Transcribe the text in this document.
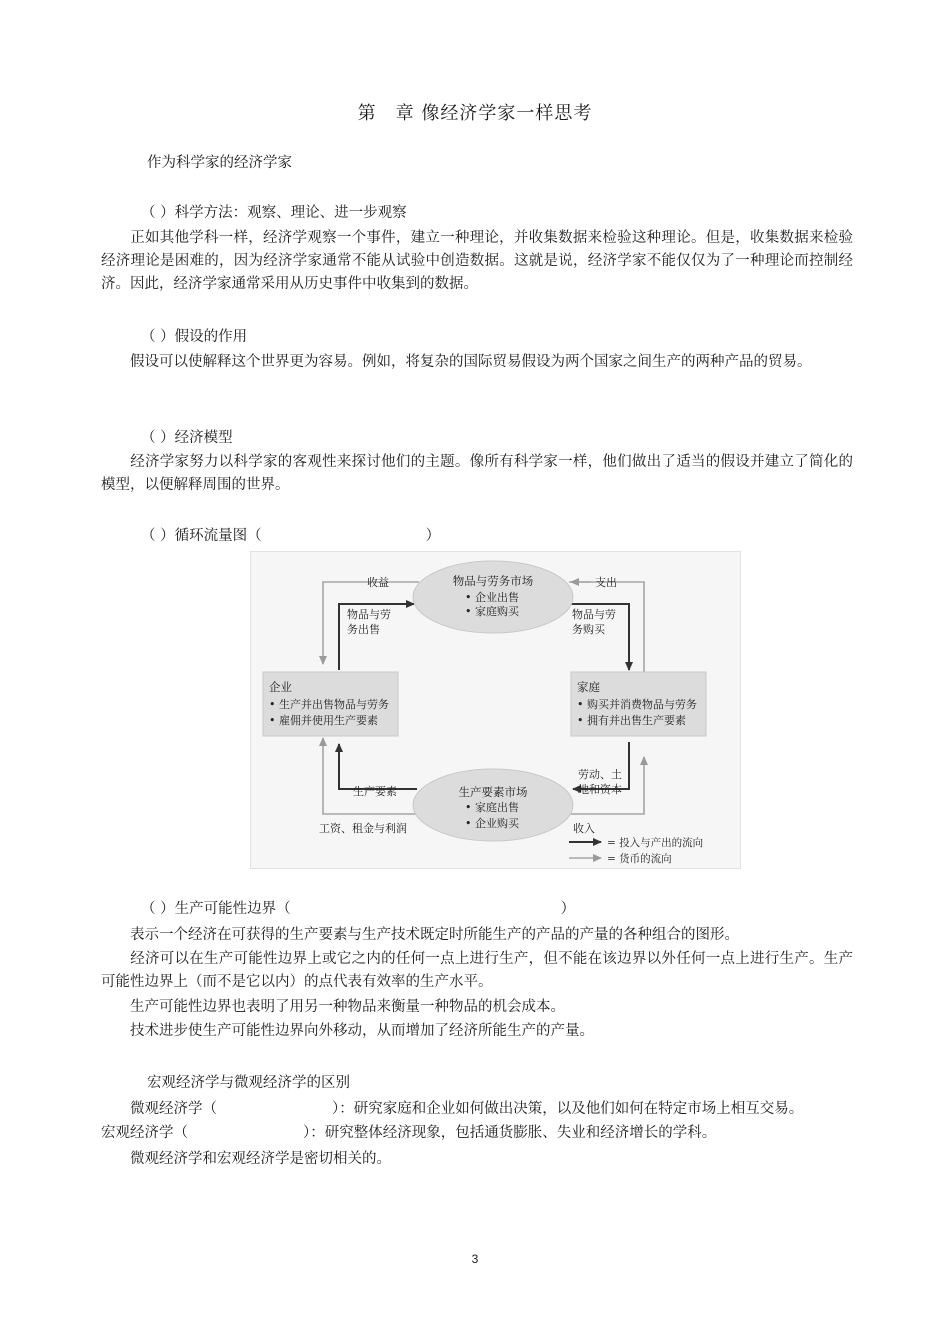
第　章 像经济学家一样思考
作为科学家的经济学家
（ ）科学方法：观察、理论、进一步观察
正如其他学科一样，经济学观察一个事件，建立一种理论，并收集数据来检验这种理论。但是，收集数据来检验经济理论是困难的，因为经济学家通常不能从试验中创造数据。这就是说，经济学家不能仅仅为了一种理论而控制经济。因此，经济学家通常采用从历史事件中收集到的数据。
（ ）假设的作用
假设可以使解释这个世界更为容易。例如，将复杂的国际贸易假设为两个国家之间生产的两种产品的贸易。
（ ）经济模型
经济学家努力以科学家的客观性来探讨他们的主题。像所有科学家一样，他们做出了适当的假设并建立了简化的模型，以便解释周围的世界。
（ ）循环流量图（	）
物品与劳务市场
• 企业出售
• 家庭购买
生产要素市场
• 家庭出售
• 企业购买
企业
• 生产并出售物品与劳务
• 雇佣并使用生产要素
家庭
• 购买并消费物品与劳务
• 拥有并出售生产要素
收益	支出
物品与劳
务出售
物品与劳
务购买
生产要素
劳动、土
地和资本
工资、租金与利润	收入
= 投入与产出的流向
= 货币的流向
（ ）生产可能性边界（	）
表示一个经济在可获得的生产要素与生产技术既定时所能生产的产品的产量的各种组合的图形。
经济可以在生产可能性边界上或它之内的任何一点上进行生产，但不能在该边界以外任何一点上进行生产。生产可能性边界上（而不是它以内）的点代表有效率的生产水平。
生产可能性边界也表明了用另一种物品来衡量一种物品的机会成本。
技术进步使生产可能性边界向外移动，从而增加了经济所能生产的产量。
宏观经济学与微观经济学的区别
微观经济学（	）：研究家庭和企业如何做出决策，以及他们如何在特定市场上相互交易。
宏观经济学（	）：研究整体经济现象，包括通货膨胀、失业和经济增长的学科。
微观经济学和宏观经济学是密切相关的。
3
